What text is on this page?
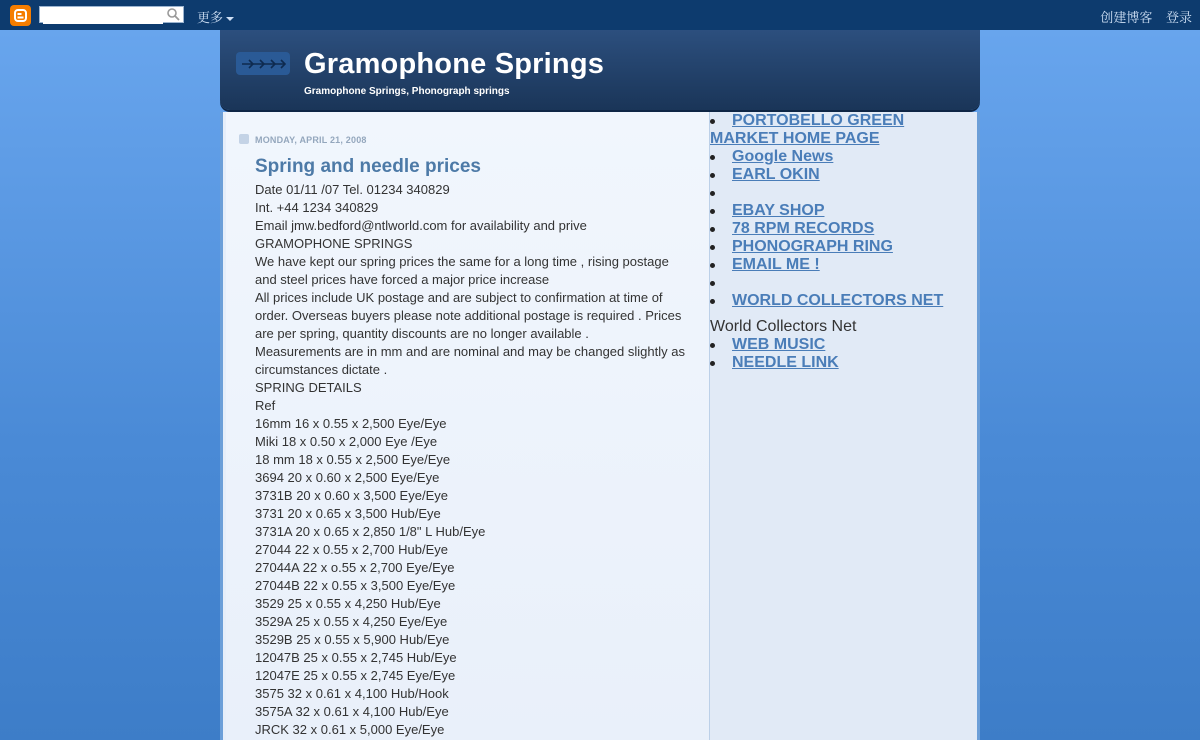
更多	创建博客 登录
Gramophone Springs
Gramophone Springs, Phonograph springs
MONDAY, APRIL 21, 2008
Spring and needle prices
Date 01/11 /07 Tel. 01234 340829
Int. +44 1234 340829
Email jmw.bedford@ntlworld.com for availability and prive
GRAMOPHONE SPRINGS
We have kept our spring prices the same for a long time , rising postage
and steel prices have forced a major price increase
All prices include UK postage and are subject to confirmation at time of
order. Overseas buyers please note additional postage is required . Prices
are per spring, quantity discounts are no longer available .
Measurements are in mm and are nominal and may be changed slightly as
circumstances dictate .
SPRING DETAILS
Ref
16mm 16 x 0.55 x 2,500 Eye/Eye
Miki 18 x 0.50 x 2,000 Eye /Eye
18 mm 18 x 0.55 x 2,500 Eye/Eye
3694 20 x 0.60 x 2,500 Eye/Eye
3731B 20 x 0.60 x 3,500 Eye/Eye
3731 20 x 0.65 x 3,500 Hub/Eye
3731A 20 x 0.65 x 2,850 1/8" L Hub/Eye
27044 22 x 0.55 x 2,700 Hub/Eye
27044A 22 x o.55 x 2,700 Eye/Eye
27044B 22 x 0.55 x 3,500 Eye/Eye
3529 25 x 0.55 x 4,250 Hub/Eye
3529A 25 x 0.55 x 4,250 Eye/Eye
3529B 25 x 0.55 x 5,900 Hub/Eye
12047B 25 x 0.55 x 2,745 Hub/Eye
12047E 25 x 0.55 x 2,745 Eye/Eye
3575 32 x 0.61 x 4,100 Hub/Hook
3575A 32 x 0.61 x 4,100 Hub/Eye
JRCK 32 x 0.61 x 5,000 Eye/Eye
PORTOBELLO GREEN MARKET HOME PAGE
Google News
EARL OKIN
EBAY SHOP
78 RPM RECORDS
PHONOGRAPH RING
EMAIL ME !
WORLD COLLECTORS NET
World Collectors Net
WEB MUSIC
NEEDLE LINK
